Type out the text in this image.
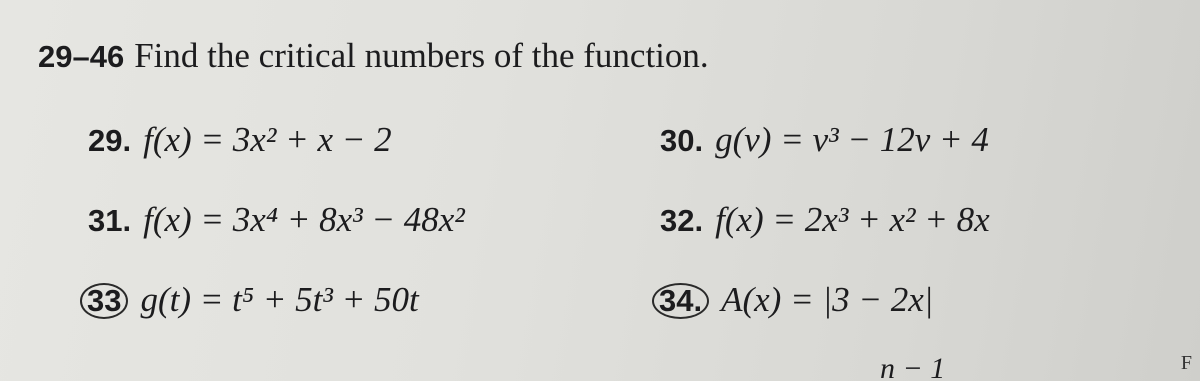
29–46 Find the critical numbers of the function.
29. f(x) = 3x² + x − 2	30. g(v) = v³ − 12v + 4
31. f(x) = 3x⁴ + 8x³ − 48x²	32. f(x) = 2x³ + x² + 8x
33 g(t) = t⁵ + 5t³ + 50t	34. A(x) = |3 − 2x|
n − 1	F
